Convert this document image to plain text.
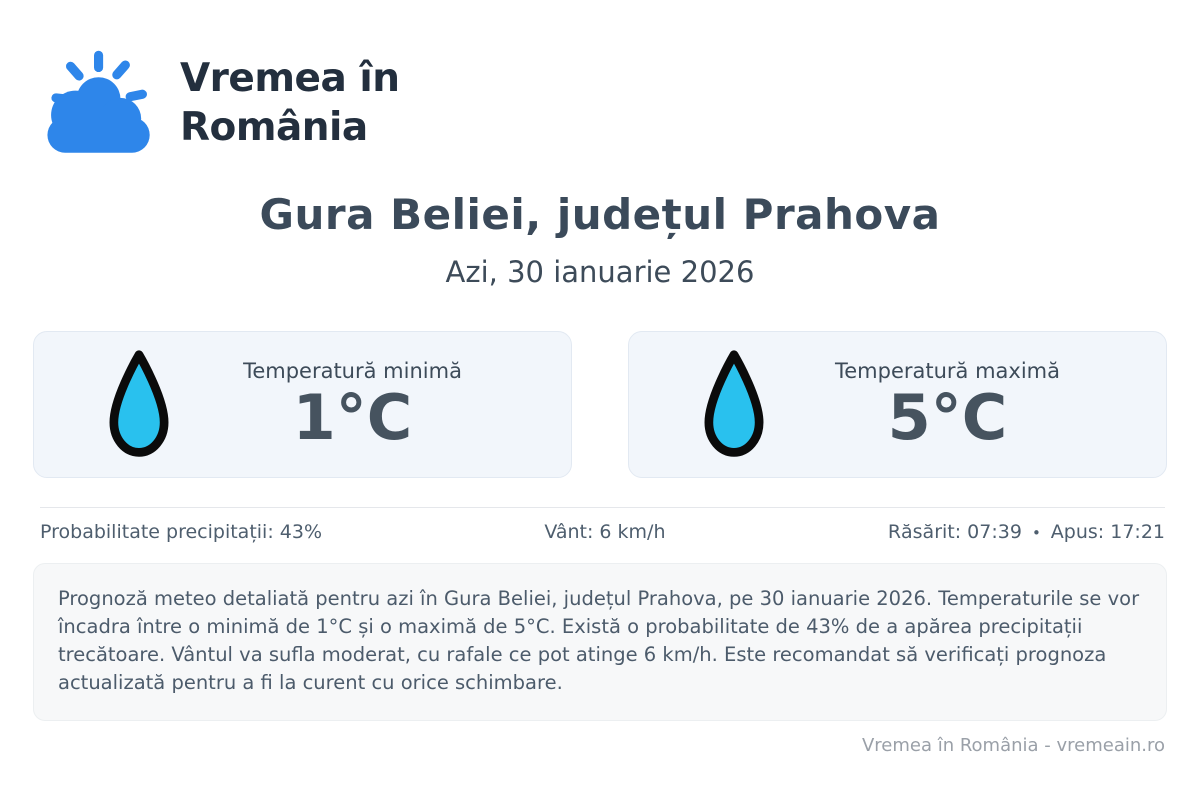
Vremea în
România
Gura Beliei, județul Prahova
Azi, 30 ianuarie 2026
Temperatură minimă
1°C
Temperatură maximă
5°C
Probabilitate precipitații: 43%	Vânt: 6 km/h	Răsărit: 07:39 • Apus: 17:21
Prognoză meteo detaliată pentru azi în Gura Beliei, județul Prahova, pe 30 ianuarie 2026. Temperaturile se vor încadra între o minimă de 1°C și o maximă de 5°C. Există o probabilitate de 43% de a apărea precipitații trecătoare. Vântul va sufla moderat, cu rafale ce pot atinge 6 km/h. Este recomandat să verificați prognoza actualizată pentru a fi la curent cu orice schimbare.
Vremea în România - vremeain.ro
